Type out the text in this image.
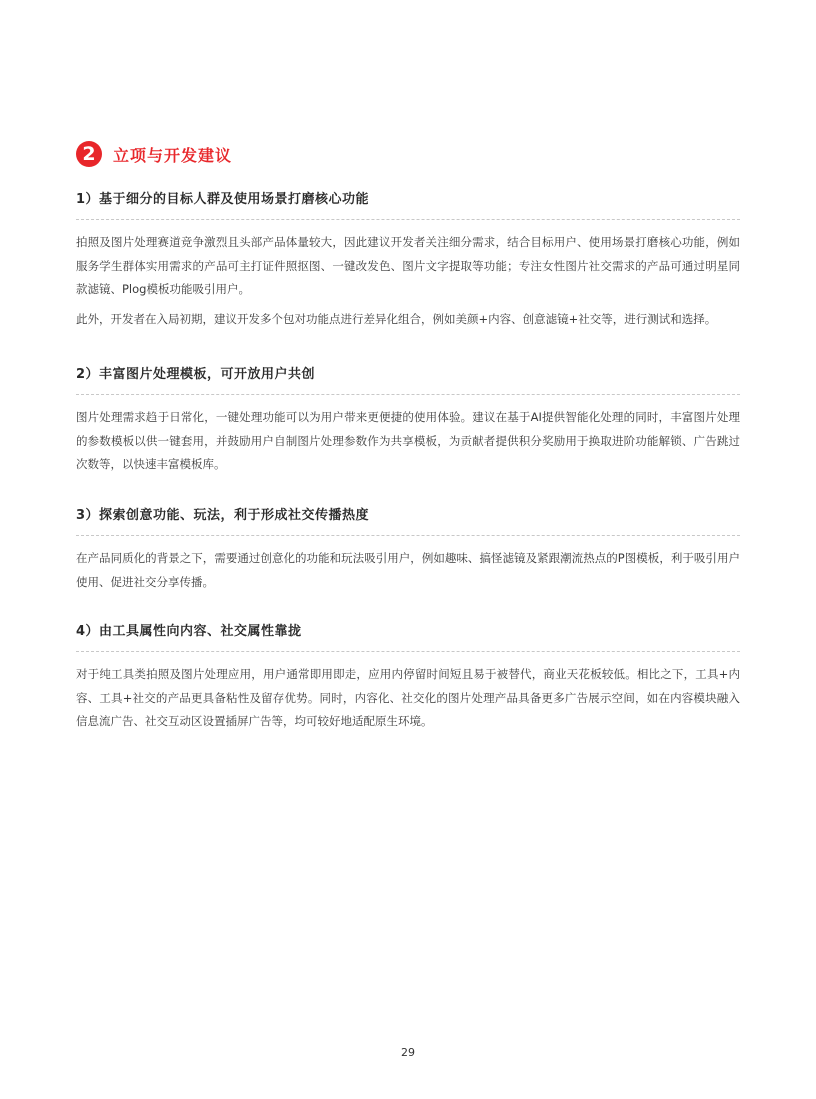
2	立项与开发建议
1）基于细分的目标人群及使用场景打磨核心功能

拍照及图片处理赛道竞争激烈且头部产品体量较大，因此建议开发者关注细分需求，结合目标用户、使用场景打磨核心功能，例如服务学生群体实用需求的产品可主打证件照抠图、一键改发色、图片文字提取等功能；专注女性图片社交需求的产品可通过明星同款滤镜、Plog模板功能吸引用户。

此外，开发者在入局初期，建议开发多个包对功能点进行差异化组合，例如美颜+内容、创意滤镜+社交等，进行测试和选择。

2）丰富图片处理模板，可开放用户共创

图片处理需求趋于日常化，一键处理功能可以为用户带来更便捷的使用体验。建议在基于AI提供智能化处理的同时，丰富图片处理的参数模板以供一键套用，并鼓励用户自制图片处理参数作为共享模板，为贡献者提供积分奖励用于换取进阶功能解锁、广告跳过次数等，以快速丰富模板库。

3）探索创意功能、玩法，利于形成社交传播热度

在产品同质化的背景之下，需要通过创意化的功能和玩法吸引用户，例如趣味、搞怪滤镜及紧跟潮流热点的P图模板，利于吸引用户使用、促进社交分享传播。

4）由工具属性向内容、社交属性靠拢

对于纯工具类拍照及图片处理应用，用户通常即用即走，应用内停留时间短且易于被替代，商业天花板较低。相比之下，工具+内容、工具+社交的产品更具备粘性及留存优势。同时，内容化、社交化的图片处理产品具备更多广告展示空间，如在内容模块融入信息流广告、社交互动区设置插屏广告等，均可较好地适配原生环境。

29
